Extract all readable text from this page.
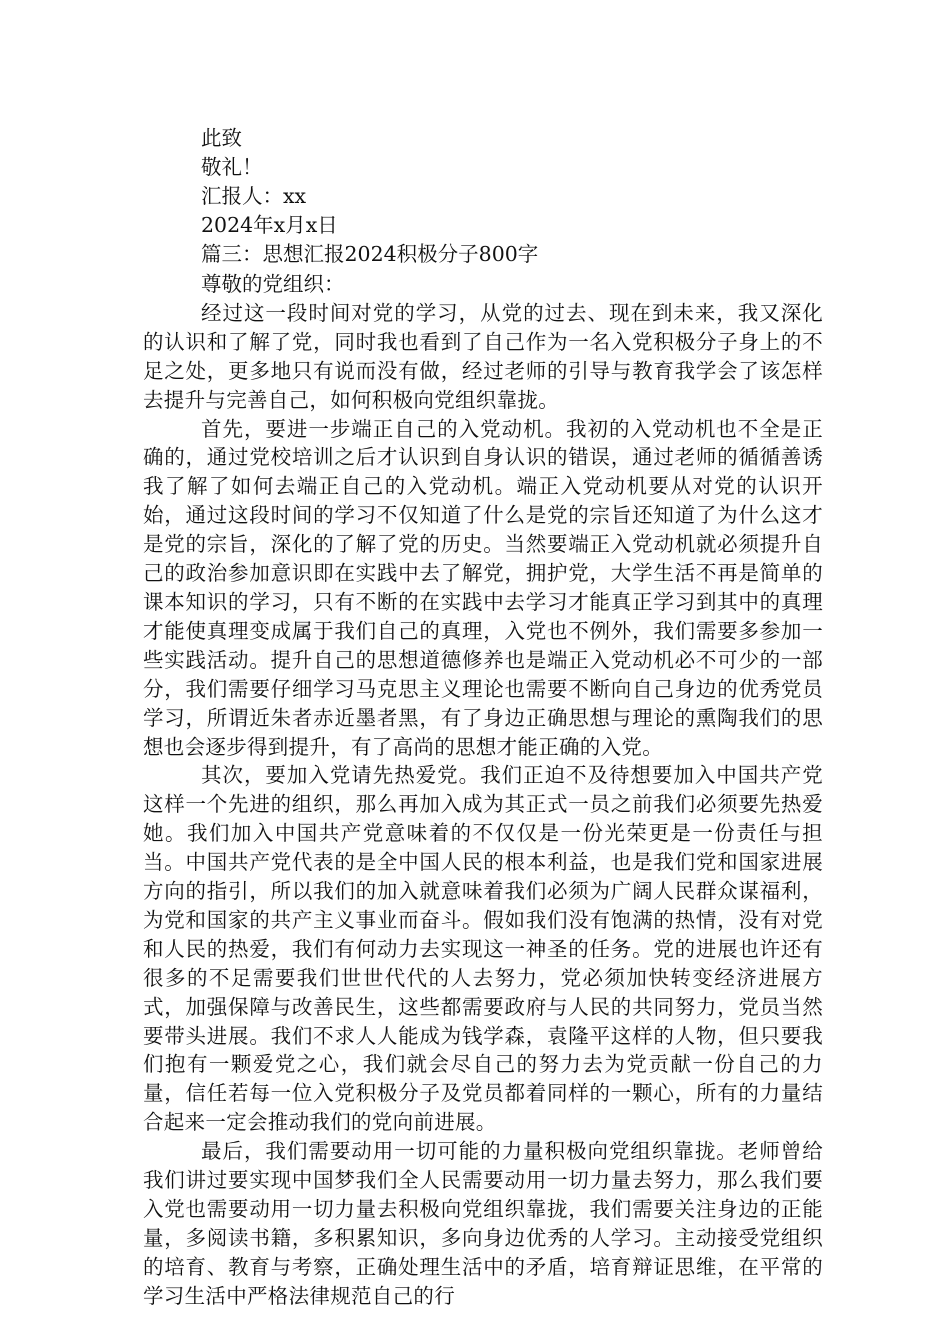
此致
敬礼！
汇报人：xx
2024年x月x日
篇三：思想汇报2024积极分子800字
尊敬的党组织：
经过这一段时间对党的学习，从党的过去、现在到未来，我又深化的认识和了解了党，同时我也看到了自己作为一名入党积极分子身上的不足之处，更多地只有说而没有做，经过老师的引导与教育我学会了该怎样去提升与完善自己，如何积极向党组织靠拢。
首先，要进一步端正自己的入党动机。我初的入党动机也不全是正确的，通过党校培训之后才认识到自身认识的错误，通过老师的循循善诱我了解了如何去端正自己的入党动机。端正入党动机要从对党的认识开始，通过这段时间的学习不仅知道了什么是党的宗旨还知道了为什么这才是党的宗旨，深化的了解了党的历史。当然要端正入党动机就必须提升自己的政治参加意识即在实践中去了解党，拥护党，大学生活不再是简单的课本知识的学习，只有不断的在实践中去学习才能真正学习到其中的真理才能使真理变成属于我们自己的真理，入党也不例外，我们需要多参加一些实践活动。提升自己的思想道德修养也是端正入党动机必不可少的一部分，我们需要仔细学习马克思主义理论也需要不断向自己身边的优秀党员学习，所谓近朱者赤近墨者黑，有了身边正确思想与理论的熏陶我们的思想也会逐步得到提升，有了高尚的思想才能正确的入党。
其次，要加入党请先热爱党。我们正迫不及待想要加入中国共产党这样一个先进的组织，那么再加入成为其正式一员之前我们必须要先热爱她。我们加入中国共产党意味着的不仅仅是一份光荣更是一份责任与担当。中国共产党代表的是全中国人民的根本利益，也是我们党和国家进展方向的指引，所以我们的加入就意味着我们必须为广阔人民群众谋福利，为党和国家的共产主义事业而奋斗。假如我们没有饱满的热情，没有对党和人民的热爱，我们有何动力去实现这一神圣的任务。党的进展也许还有很多的不足需要我们世世代代的人去努力，党必须加快转变经济进展方式，加强保障与改善民生，这些都需要政府与人民的共同努力，党员当然要带头进展。我们不求人人能成为钱学森，袁隆平这样的人物，但只要我们抱有一颗爱党之心，我们就会尽自己的努力去为党贡献一份自己的力量，信任若每一位入党积极分子及党员都着同样的一颗心，所有的力量结合起来一定会推动我们的党向前进展。
最后，我们需要动用一切可能的力量积极向党组织靠拢。老师曾给我们讲过要实现中国梦我们全人民需要动用一切力量去努力，那么我们要入党也需要动用一切力量去积极向党组织靠拢，我们需要关注身边的正能量，多阅读书籍，多积累知识，多向身边优秀的人学习。主动接受党组织的培育、教育与考察，正确处理生活中的矛盾，培育辩证思维，在平常的学习生活中严格法律规范自己的行
